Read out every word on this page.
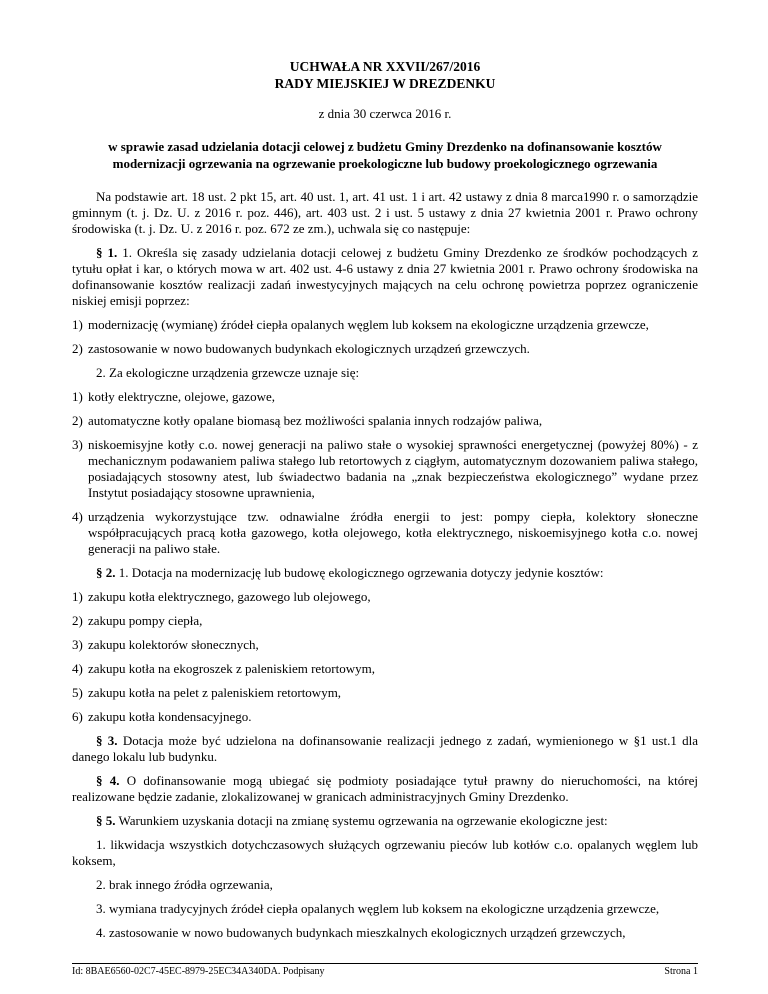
UCHWAŁA NR XXVII/267/2016

RADY MIEJSKIEJ W DREZDENKU

z dnia 30 czerwca 2016 r.

w sprawie zasad udzielania dotacji celowej z budżetu Gminy Drezdenko na dofinansowanie kosztów modernizacji ogrzewania na ogrzewanie proekologiczne lub budowy proekologicznego ogrzewania

Na podstawie art. 18 ust. 2 pkt 15, art. 40 ust. 1, art. 41 ust. 1 i art. 42 ustawy z dnia 8 marca1990 r. o samorządzie gminnym (t. j. Dz. U. z 2016 r. poz. 446), art. 403 ust. 2 i ust. 5 ustawy z dnia 27 kwietnia 2001 r. Prawo ochrony środowiska (t. j. Dz. U. z 2016 r. poz. 672 ze zm.), uchwala się co następuje:

§ 1. 1. Określa się zasady udzielania dotacji celowej z budżetu Gminy Drezdenko ze środków pochodzących z tytułu opłat i kar, o których mowa w art. 402 ust. 4-6 ustawy z dnia 27 kwietnia 2001 r. Prawo ochrony środowiska na dofinansowanie kosztów realizacji zadań inwestycyjnych mających na celu ochronę powietrza poprzez ograniczenie niskiej emisji poprzez:

1) modernizację (wymianę) źródeł ciepła opalanych węglem lub koksem na ekologiczne urządzenia grzewcze,
2) zastosowanie w nowo budowanych budynkach ekologicznych urządzeń grzewczych.

2. Za ekologiczne urządzenia grzewcze uznaje się:

1) kotły elektryczne, olejowe, gazowe,
2) automatyczne kotły opalane biomasą bez możliwości spalania innych rodzajów paliwa,
3) niskoemisyjne kotły c.o. nowej generacji na paliwo stałe o wysokiej sprawności energetycznej (powyżej 80%) - z mechanicznym podawaniem paliwa stałego lub retortowych z ciągłym, automatycznym dozowaniem paliwa stałego, posiadających stosowny atest, lub świadectwo badania na „znak bezpieczeństwa ekologicznego” wydane przez Instytut posiadający stosowne uprawnienia,
4) urządzenia wykorzystujące tzw. odnawialne źródła energii to jest: pompy ciepła, kolektory słoneczne współpracujących pracą kotła gazowego, kotła olejowego, kotła elektrycznego, niskoemisyjnego kotła c.o. nowej generacji na paliwo stałe.

§ 2. 1. Dotacja na modernizację lub budowę ekologicznego ogrzewania dotyczy jedynie kosztów:

1) zakupu kotła elektrycznego, gazowego lub olejowego,
2) zakupu pompy ciepła,
3) zakupu kolektorów słonecznych,
4) zakupu kotła na ekogroszek z paleniskiem retortowym,
5) zakupu kotła na pelet z paleniskiem retortowym,
6) zakupu kotła kondensacyjnego.

§ 3. Dotacja może być udzielona na dofinansowanie realizacji jednego z zadań, wymienionego w §1 ust.1 dla danego lokalu lub budynku.

§ 4. O dofinansowanie mogą ubiegać się podmioty posiadające tytuł prawny do nieruchomości, na której realizowane będzie zadanie, zlokalizowanej w granicach administracyjnych Gminy Drezdenko.

§ 5. Warunkiem uzyskania dotacji na zmianę systemu ogrzewania na ogrzewanie ekologiczne jest:

1. likwidacja wszystkich dotychczasowych służących ogrzewaniu pieców lub kotłów c.o. opalanych węglem lub koksem,

2. brak innego źródła ogrzewania,

3. wymiana tradycyjnych źródeł ciepła opalanych węglem lub koksem na ekologiczne urządzenia grzewcze,

4. zastosowanie w nowo budowanych budynkach mieszkalnych ekologicznych urządzeń grzewczych,

Id: 8BAE6560-02C7-45EC-8979-25EC34A340DA. Podpisany	Strona 1
